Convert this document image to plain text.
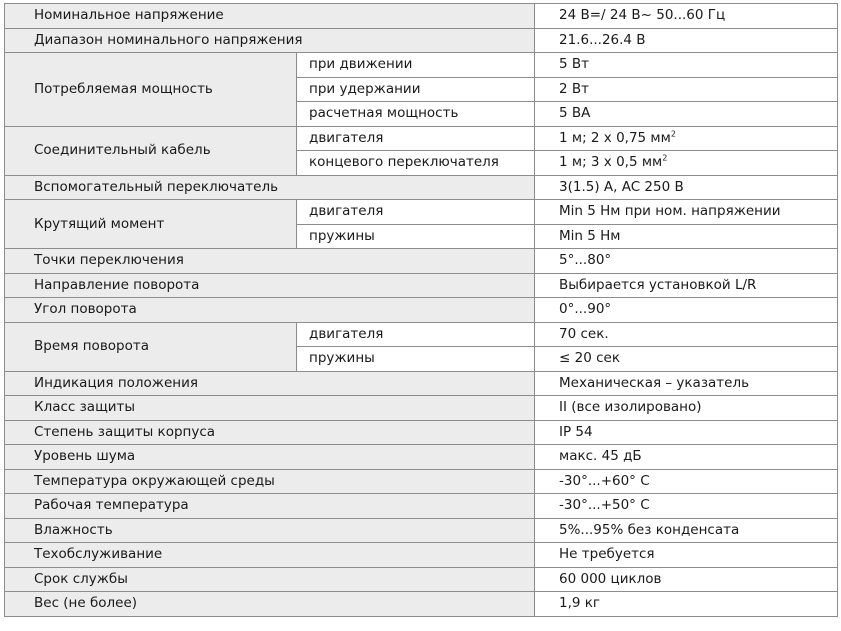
Номинальное напряжение		24 В=/ 24 В~ 50...60 Гц
Диапазон номинального напряжения		21.6...26.4 В
Потребляемая мощность	при движении	5 Вт
	при удержании	2 Вт
	расчетная мощность	5 ВА
Соединительный кабель	двигателя	1 м; 2 x 0,75 $мм^2$
	концевого переключателя	1 м; 3 x 0,5 $мм^2$
Вспомогательный переключатель		3(1.5) А, AC 250 В
Крутящий момент	двигателя	Min 5 Нм при ном. напряжении
	пружины	Min 5 Нм
Точки переключения		5°...80°
Направление поворота		Выбирается установкой L/R
Угол поворота		0°...90°
Время поворота	двигателя	70 сек.
	пружины	≤ 20 сек
Индикация положения		Механическая – указатель
Класс защиты		II (все изолировано)
Степень защиты корпуса		IP 54
Уровень шума		макс. 45 дБ
Температура окружающей среды		-30°...+60° С
Рабочая температура		-30°...+50° С
Влажность		5%...95% без конденсата
Техобслуживание		Не требуется
Срок службы		60 000 циклов
Вес (не более)		1,9 кг
